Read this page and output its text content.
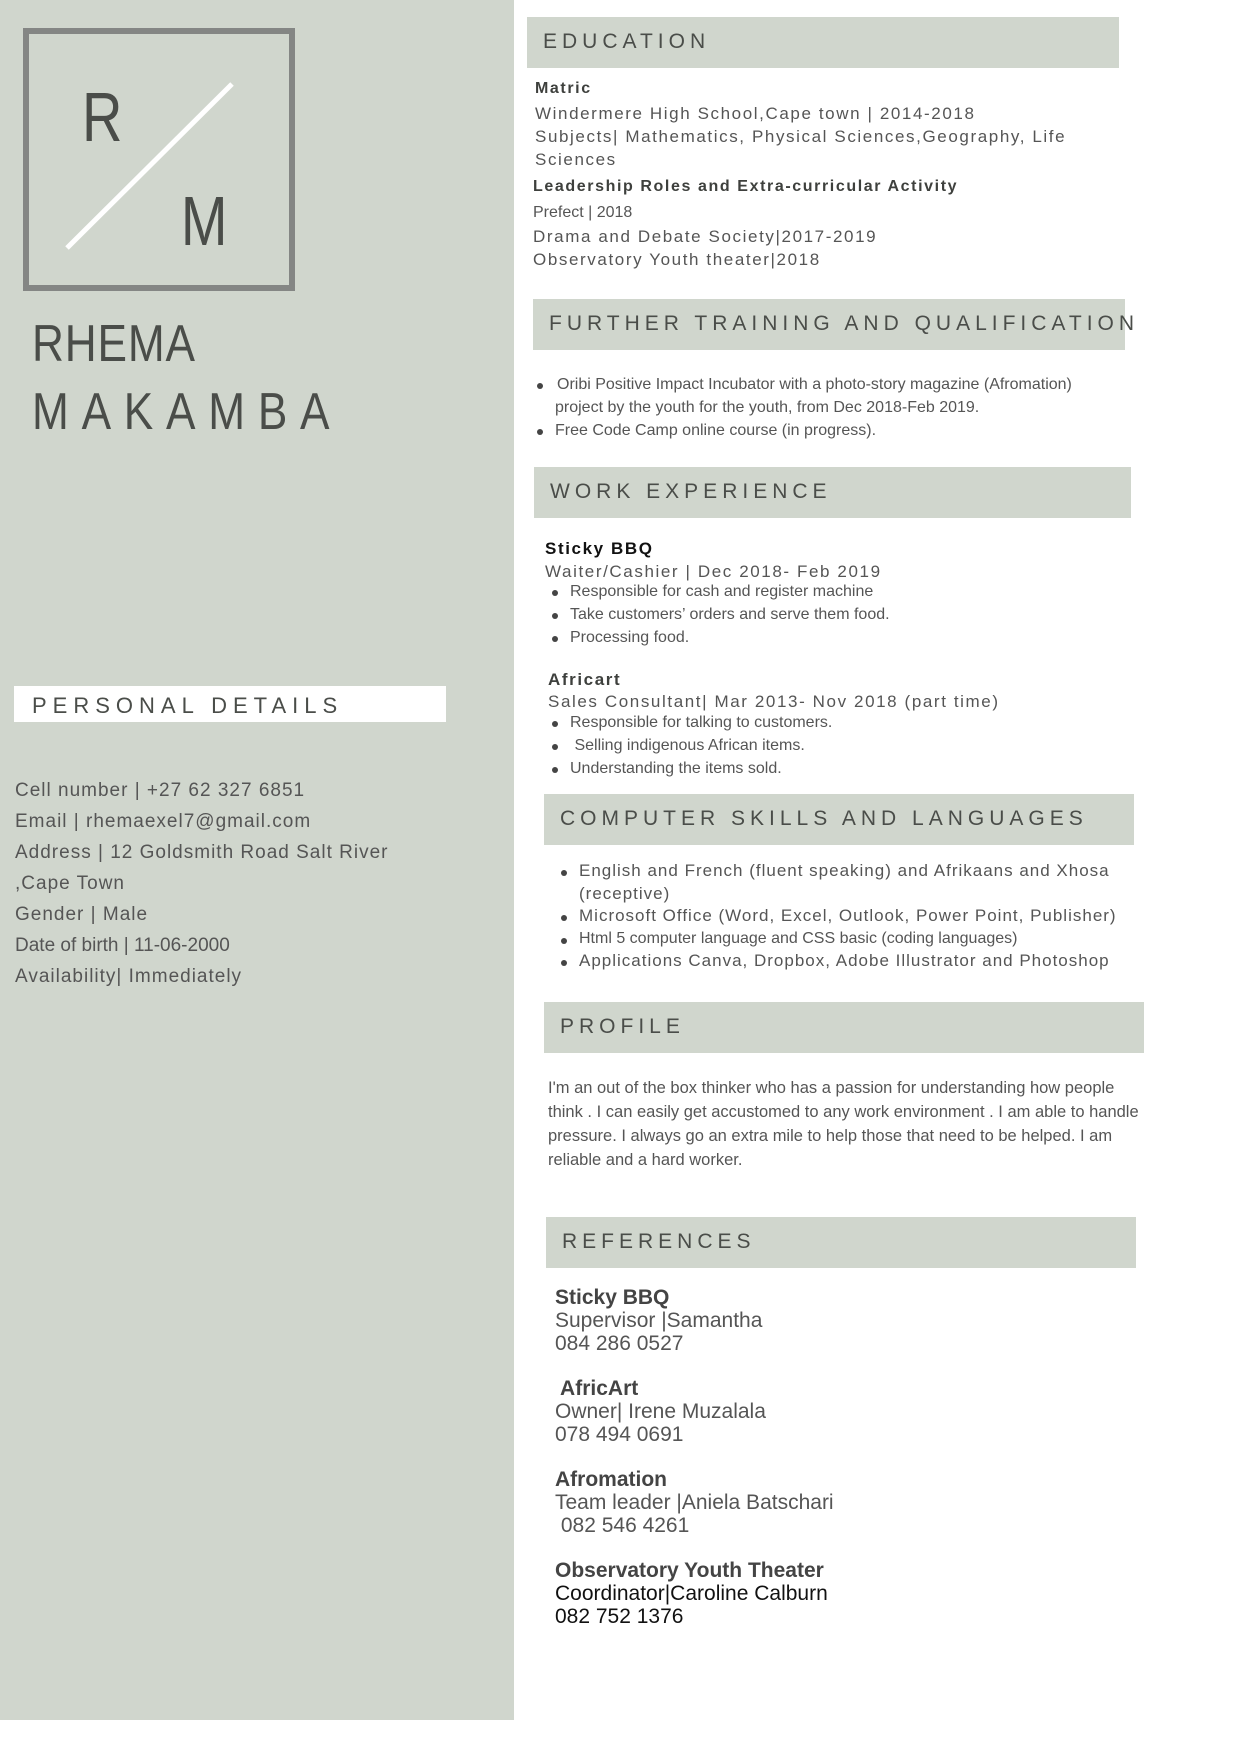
R
M
RHEMA
MAKAMBA
PERSONAL DETAILS
Cell number | +27 62 327 6851
Email | rhemaexel7@gmail.com
Address | 12 Goldsmith Road Salt River
,Cape Town
Gender | Male
Date of birth | 11-06-2000
Availability| Immediately
EDUCATION
Matric
Windermere High School,Cape town | 2014-2018
Subjects| Mathematics, Physical Sciences,Geography, Life
Sciences
Leadership Roles and Extra-curricular Activity
Prefect | 2018
Drama and Debate Society|2017-2019
Observatory Youth theater|2018
FURTHER TRAINING AND QUALIFICATION
Oribi Positive Impact Incubator with a photo-story magazine (Afromation)
project by the youth for the youth, from Dec 2018-Feb 2019.
Free Code Camp online course (in progress).
WORK EXPERIENCE
Sticky BBQ
Waiter/Cashier | Dec 2018- Feb 2019
Responsible for cash and register machine
Take customers’ orders and serve them food.
Processing food.
Africart
Sales Consultant| Mar 2013- Nov 2018 (part time)
Responsible for talking to customers.
Selling indigenous African items.
Understanding the items sold.
COMPUTER SKILLS AND LANGUAGES
English and French (fluent speaking) and Afrikaans and Xhosa
(receptive)
Microsoft Office (Word, Excel, Outlook, Power Point, Publisher)
Html 5 computer language and CSS basic (coding languages)
Applications Canva, Dropbox, Adobe Illustrator and Photoshop
PROFILE

I'm an out of the box thinker who has a passion for understanding how people think . I can easily get accustomed to any work environment . I am able to handle pressure. I always go an extra mile to help those that need to be helped. I am reliable and a hard worker.

REFERENCES
Sticky BBQ
Supervisor |Samantha
084 286 0527
AfricArt
Owner| Irene Muzalala
078 494 0691
Afromation
Team leader |Aniela Batschari
082 546 4261
Observatory Youth Theater
Coordinator|Caroline Calburn
082 752 1376
